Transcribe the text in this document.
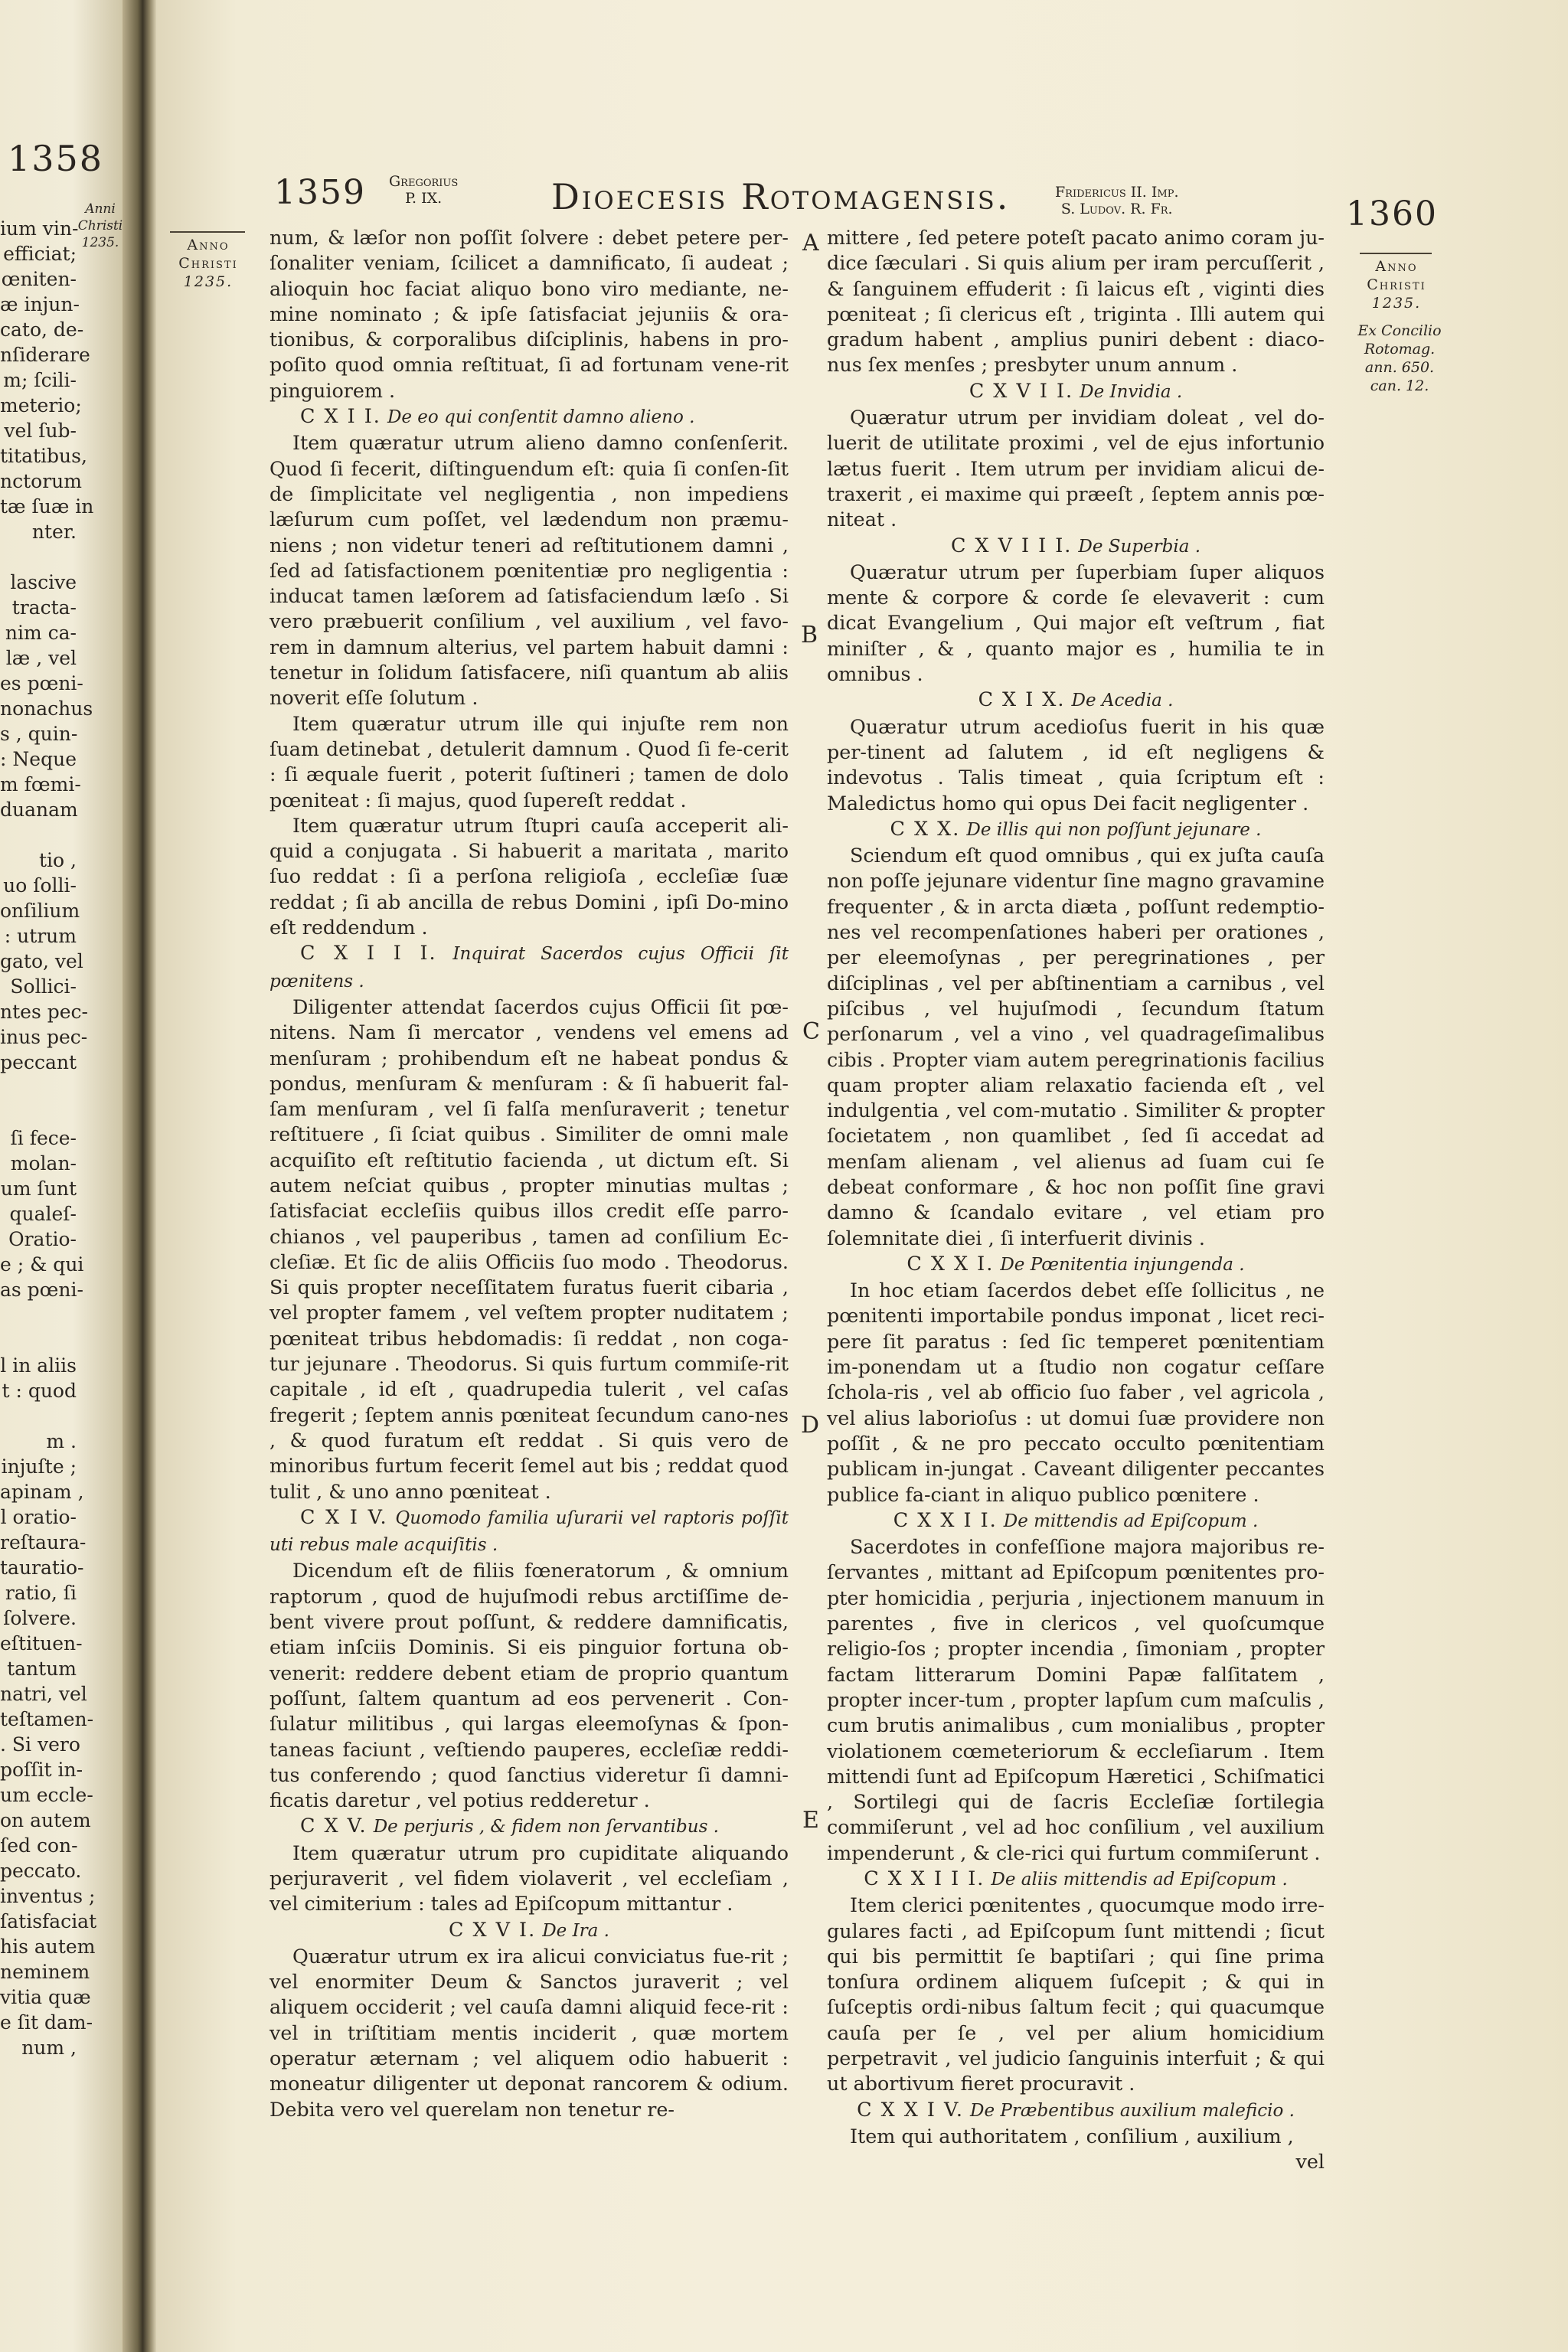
1358
Anni Christi 1235.
ium vin-
efficiat;
œniten-
æ injun-
cato, de-
nſiderare
m; ſcili-
meterio;
vel ſub-
titatibus,
nctorum
tæ ſuæ in
nter.
lascive
tracta-
nim ca-
læ , vel
es pœni-
nonachus
s , quin-
: Neque
m fœmi-
duanam
tio ,
uo ſolli-
onſilium
: utrum
gato, vel
Sollici-
ntes pec-
inus pec-
peccant
ſi fece-
molan-
um ſunt
qualeſ-
Oratio-
e ; & qui
as pœni-
l in aliis
t : quod
m .
injuſte ;
apinam ,
l oratio-
reſtaura-
tauratio-
ratio, ſi
ſolvere.
eſtituen-
tantum
natri, vel
teſtamen-
. Si vero
poſſit in-
um eccle-
on autem
ſed con-
peccato.
inventus ;
ſatisfaciat
his autem
neminem
vitia quæ
e ſit dam-
num ,
1359 Gregorius
P. IX.	Dioecesis Rotomagensis.	Fridericus II. Imp.
S. Ludov. R. Fr.	1360
Anno
Christi
1235.
Anno
Christi
1235.
Ex Concilio
Rotomag.
ann. 650.
can. 12.
A
B
C
D
E

num, & læſor non poſſit ſolvere : debet petere per-ſonaliter veniam, ſcilicet a damnificato, ſi audeat ; alioquin hoc faciat aliquo bono viro mediante, ne-mine nominato ; & ipſe ſatisfaciat jejuniis & ora-tionibus, & corporalibus diſciplinis, habens in pro-poſito quod omnia reſtituat, ſi ad fortunam vene-rit pinguiorem .

C X I I. De eo qui conſentit damno alieno .

Item quæratur utrum alieno damno conſenſerit. Quod ſi fecerit, diſtinguendum eſt: quia ſi conſen-ſit de ſimplicitate vel negligentia , non impediens læſurum cum poſſet, vel lædendum non præmu-niens ; non videtur teneri ad reſtitutionem damni , ſed ad ſatisfactionem pœnitentiæ pro negligentia : inducat tamen læſorem ad ſatisfaciendum læſo . Si vero præbuerit conſilium , vel auxilium , vel favo-rem in damnum alterius, vel partem habuit damni : tenetur in ſolidum ſatisfacere, niſi quantum ab aliis noverit eſſe ſolutum .

Item quæratur utrum ille qui injuſte rem non ſuam detinebat , detulerit damnum . Quod ſi fe-cerit : ſi æquale fuerit , poterit ſuſtineri ; tamen de dolo pœniteat : ſi majus, quod ſupereſt reddat .

Item quæratur utrum ſtupri cauſa acceperit ali-quid a conjugata . Si habuerit a maritata , marito ſuo reddat : ſi a perſona religioſa , eccleſiæ ſuæ reddat ; ſi ab ancilla de rebus Domini , ipſi Do-mino eſt reddendum .

C X I I I. Inquirat Sacerdos cujus Officii ſit pœnitens .

Diligenter attendat ſacerdos cujus Officii ſit pœ-nitens. Nam ſi mercator , vendens vel emens ad menſuram ; prohibendum eſt ne habeat pondus & pondus, menſuram & menſuram : & ſi habuerit fal-ſam menſuram , vel ſi falſa menſuraverit ; tenetur reſtituere , ſi ſciat quibus . Similiter de omni male acquiſito eſt reſtitutio facienda , ut dictum eſt. Si autem neſciat quibus , propter minutias multas ; ſatisfaciat eccleſiis quibus illos credit eſſe parro-chianos , vel pauperibus , tamen ad conſilium Ec-cleſiæ. Et ſic de aliis Officiis ſuo modo . Theodorus. Si quis propter neceſſitatem furatus fuerit cibaria , vel propter famem , vel veſtem propter nuditatem ; pœniteat tribus hebdomadis: ſi reddat , non coga-tur jejunare . Theodorus. Si quis furtum commiſe-rit capitale , id eſt , quadrupedia tulerit , vel caſas fregerit ; ſeptem annis pœniteat ſecundum cano-nes , & quod furatum eſt reddat . Si quis vero de minoribus furtum fecerit ſemel aut bis ; reddat quod tulit , & uno anno pœniteat .

C X I V. Quomodo familia uſurarii vel raptoris poſſit uti rebus male acquiſitis .

Dicendum eſt de filiis fœneratorum , & omnium raptorum , quod de hujuſmodi rebus arctiſſime de-bent vivere prout poſſunt, & reddere damnificatis, etiam inſciis Dominis. Si eis pinguior fortuna ob-venerit: reddere debent etiam de proprio quantum poſſunt, ſaltem quantum ad eos pervenerit . Con-ſulatur militibus , qui largas eleemoſynas & ſpon-taneas faciunt , veſtiendo pauperes, eccleſiæ reddi-tus conferendo ; quod ſanctius videretur ſi damni-ficatis daretur , vel potius redderetur .

C X V. De perjuris , & fidem non ſervantibus .

Item quæratur utrum pro cupiditate aliquando perjuraverit , vel fidem violaverit , vel eccleſiam , vel cimiterium : tales ad Epiſcopum mittantur .

C X V I. De Ira .

Quæratur utrum ex ira alicui conviciatus fue-rit ; vel enormiter Deum & Sanctos juraverit ; vel aliquem occiderit ; vel cauſa damni aliquid fece-rit : vel in triſtitiam mentis inciderit , quæ mortem operatur æternam ; vel aliquem odio habuerit : moneatur diligenter ut deponat rancorem & odium. Debita vero vel querelam non tenetur re-

mittere , ſed petere poteſt pacato animo coram ju-dice ſæculari . Si quis alium per iram percuſſerit , & ſanguinem effuderit : ſi laicus eſt , viginti dies pœniteat ; ſi clericus eſt , triginta . Illi autem qui gradum habent , amplius puniri debent : diaco-nus ſex menſes ; presbyter unum annum .

C X V I I. De Invidia .

Quæratur utrum per invidiam doleat , vel do-luerit de utilitate proximi , vel de ejus infortunio lætus fuerit . Item utrum per invidiam alicui de-traxerit , ei maxime qui præeſt , ſeptem annis pœ-niteat .

C X V I I I. De Superbia .

Quæratur utrum per ſuperbiam ſuper aliquos mente & corpore & corde ſe elevaverit : cum dicat Evangelium , Qui major eſt veſtrum , fiat miniſter , & , quanto major es , humilia te in omnibus .

C X I X. De Acedia .

Quæratur utrum acedioſus fuerit in his quæ per-tinent ad ſalutem , id eſt negligens & indevotus . Talis timeat , quia ſcriptum eſt : Maledictus homo qui opus Dei facit negligenter .

C X X. De illis qui non poſſunt jejunare .

Sciendum eſt quod omnibus , qui ex juſta cauſa non poſſe jejunare videntur ſine magno gravamine frequenter , & in arcta diæta , poſſunt redemptio-nes vel recompenſationes haberi per orationes , per eleemoſynas , per peregrinationes , per diſciplinas , vel per abſtinentiam a carnibus , vel piſcibus , vel hujuſmodi , ſecundum ſtatum perſonarum , vel a vino , vel quadrageſimalibus cibis . Propter viam autem peregrinationis facilius quam propter aliam relaxatio facienda eſt , vel indulgentia , vel com-mutatio . Similiter & propter ſocietatem , non quamlibet , ſed ſi accedat ad menſam alienam , vel alienus ad ſuam cui ſe debeat conformare , & hoc non poſſit ſine gravi damno & ſcandalo evitare , vel etiam pro ſolemnitate diei , ſi interfuerit divinis .

C X X I. De Pœnitentia injungenda .

In hoc etiam ſacerdos debet eſſe ſollicitus , ne pœnitenti importabile pondus imponat , licet reci-pere ſit paratus : ſed ſic temperet pœnitentiam im-ponendam ut a ſtudio non cogatur ceſſare ſchola-ris , vel ab officio ſuo faber , vel agricola , vel alius laborioſus : ut domui ſuæ providere non poſſit , & ne pro peccato occulto pœnitentiam publicam in-jungat . Caveant diligenter peccantes publice fa-ciant in aliquo publico pœnitere .

C X X I I. De mittendis ad Epiſcopum .

Sacerdotes in confeſſione majora majoribus re-ſervantes , mittant ad Epiſcopum pœnitentes pro-pter homicidia , perjuria , injectionem manuum in parentes , five in clericos , vel quoſcumque religio-ſos ; propter incendia , ſimoniam , propter factam litterarum Domini Papæ falſitatem , propter incer-tum , propter lapſum cum maſculis , cum brutis animalibus , cum monialibus , propter violationem cœmeteriorum & eccleſiarum . Item mittendi ſunt ad Epiſcopum Hæretici , Schiſmatici , Sortilegi qui de ſacris Eccleſiæ ſortilegia commiſerunt , vel ad hoc conſilium , vel auxilium impenderunt , & cle-rici qui furtum commiſerunt .

C X X I I I. De aliis mittendis ad Epiſcopum .

Item clerici pœnitentes , quocumque modo irre-gulares facti , ad Epiſcopum ſunt mittendi ; ſicut qui bis permittit ſe baptiſari ; qui ſine prima tonſura ordinem aliquem ſuſcepit ; & qui in ſuſceptis ordi-nibus ſaltum fecit ; qui quacumque cauſa per ſe , vel per alium homicidium perpetravit , vel judicio ſanguinis interfuit ; & qui ut abortivum fieret procuravit .

C X X I V. De Præbentibus auxilium maleficio .

Item qui authoritatem , conſilium , auxilium ,

vel
